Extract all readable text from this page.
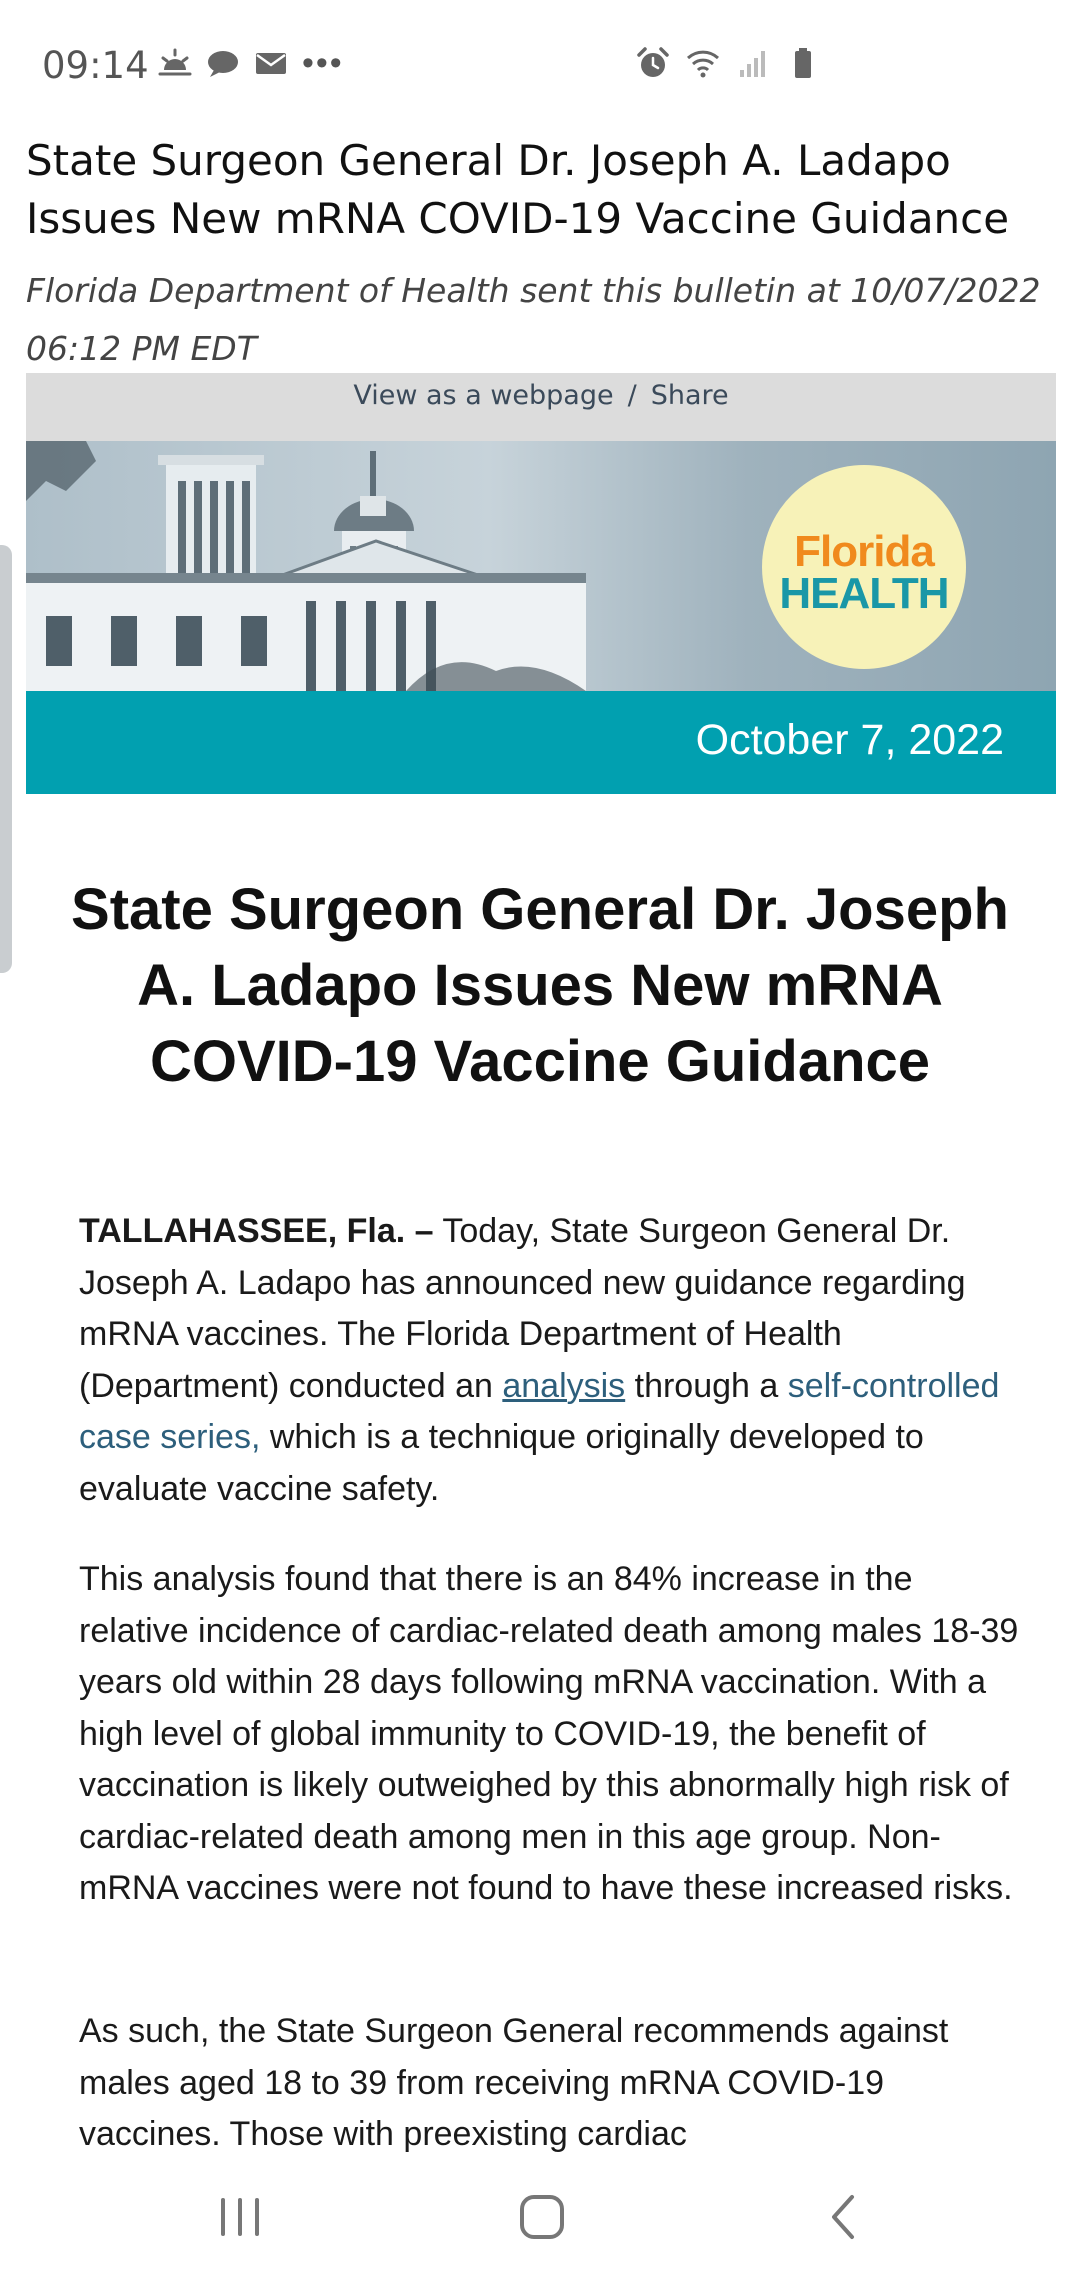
09:14	•••
State Surgeon General Dr. Joseph A. Ladapo Issues New mRNA COVID-19 Vaccine Guidance
Florida Department of Health sent this bulletin at 10/07/2022 06:12 PM EDT
View as a webpage / Share
Florida
HEALTH
October 7, 2022
State Surgeon General Dr. Joseph A. Ladapo Issues New mRNA COVID-19 Vaccine Guidance
TALLAHASSEE, Fla. – Today, State Surgeon General Dr. Joseph A. Ladapo has announced new guidance regarding mRNA vaccines. The Florida Department of Health (Department) conducted an analysis through a self-controlled case series, which is a technique originally developed to evaluate vaccine safety.
This analysis found that there is an 84% increase in the relative incidence of cardiac-related death among males 18-39 years old within 28 days following mRNA vaccination. With a high level of global immunity to COVID-19, the benefit of vaccination is likely outweighed by this abnormally high risk of cardiac-related death among men in this age group. Non-mRNA vaccines were not found to have these increased risks.
As such, the State Surgeon General recommends against males aged 18 to 39 from receiving mRNA COVID-19 vaccines. Those with preexisting cardiac
